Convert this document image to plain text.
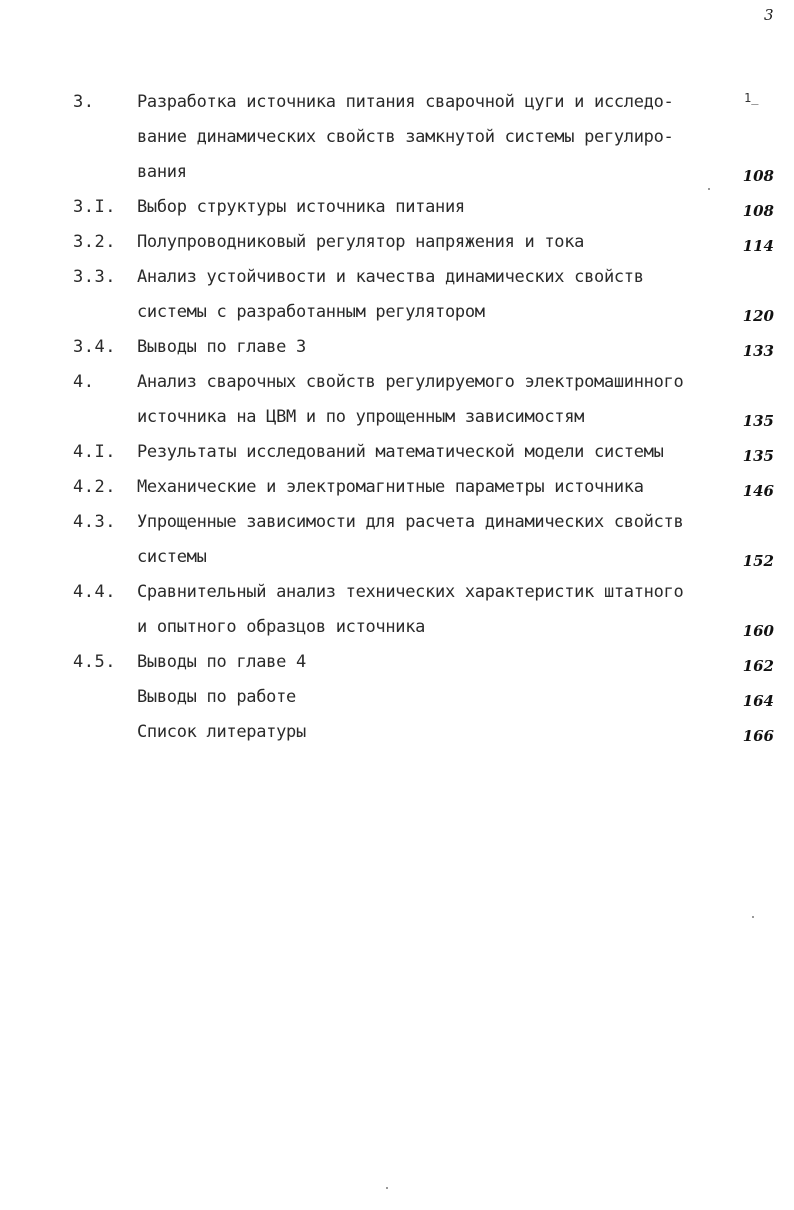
3
1_
3.	Разработка источника питания сварочной цуги и исследо-
вание динамических свойств замкнутой системы регулиро-
вания	108
3.I. Выбор структуры источника питания	108
3.2. Полупроводниковый регулятор напряжения и тока	114
3.3. Анализ устойчивости и качества динамических свойств
системы с разработанным регулятором	120
3.4. Выводы по главе 3	133
4.	Анализ сварочных свойств регулируемого электромашинного
источника на ЦВМ и по упрощенным зависимостям	135
4.I. Результаты исследований математической модели системы	135
4.2. Механические и электромагнитные параметры источника	146
4.3. Упрощенные зависимости для расчета динамических свойств
системы	152
4.4. Сравнительный анализ технических характеристик штатного
и опытного образцов источника	160
4.5. Выводы по главе 4	162
Выводы по работе	164
Список литературы	166
